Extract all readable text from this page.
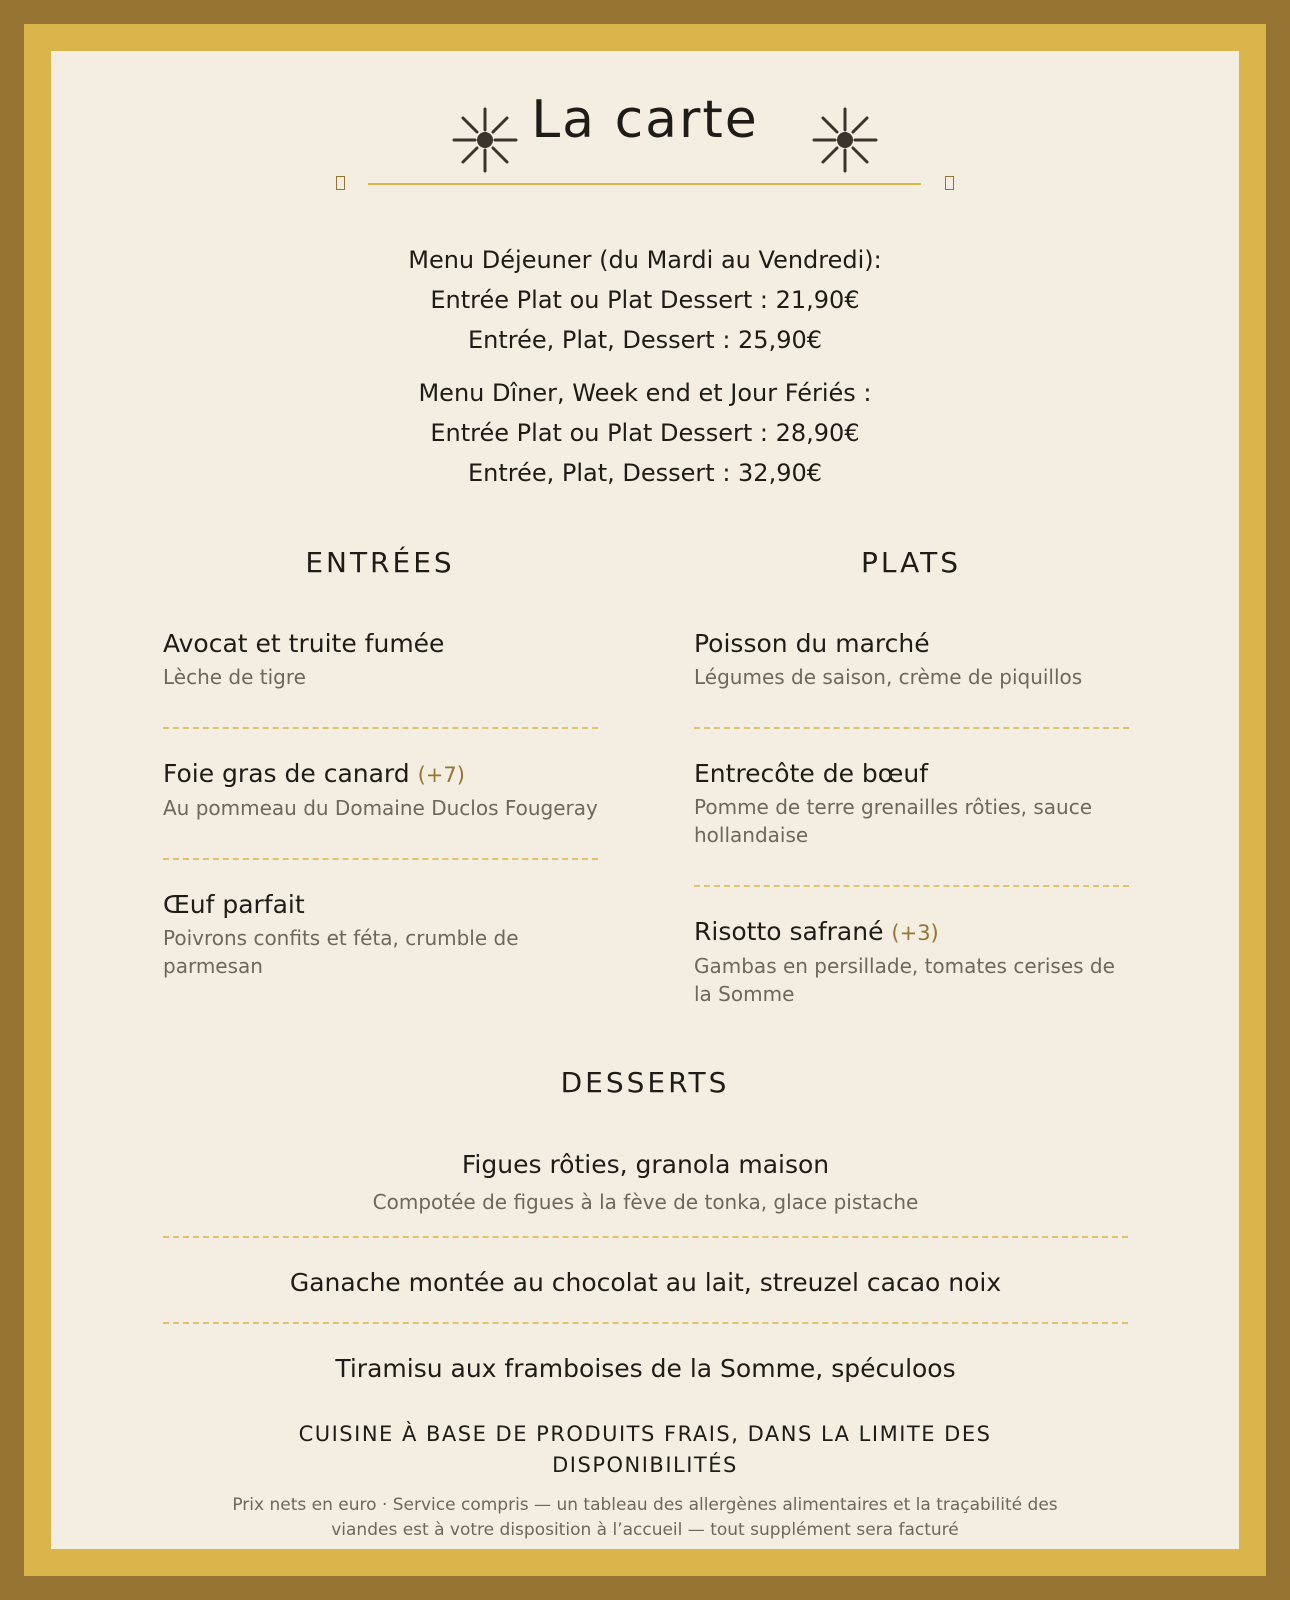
La carte
Menu Déjeuner (du Mardi au Vendredi):
Entrée Plat ou Plat Dessert : 21,90€
Entrée, Plat, Dessert : 25,90€
Menu Dîner, Week end et Jour Fériés :
Entrée Plat ou Plat Dessert : 28,90€
Entrée, Plat, Dessert : 32,90€
ENTRÉES	PLATS
Avocat et truite fumée
Lèche de tigre
Foie gras de canard (+7)
Au pommeau du Domaine Duclos Fougeray
Œuf parfait
Poivrons confits et féta, crumble de parmesan
Poisson du marché
Légumes de saison, crème de piquillos
Entrecôte de bœuf
Pomme de terre grenailles rôties, sauce hollandaise
Risotto safrané (+3)
Gambas en persillade, tomates cerises de la Somme
DESSERTS
Figues rôties, granola maison
Compotée de figues à la fève de tonka, glace pistache
Ganache montée au chocolat au lait, streuzel cacao noix
Tiramisu aux framboises de la Somme, spéculoos
CUISINE À BASE DE PRODUITS FRAIS, DANS LA LIMITE DES DISPONIBILITÉS
Prix nets en euro · Service compris — un tableau des allergènes alimentaires et la traçabilité des viandes est à votre disposition à l’accueil — tout supplément sera facturé
